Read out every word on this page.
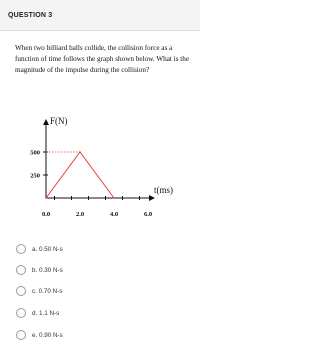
QUESTION 3
When two billiard balls collide, the collision force as a function of time follows the graph shown below. What is the magnitude of the impulse during the collision?
500
250
0.0	2.0	4.0	6.0
F(N)
t(ms)
a. 0.50 N-s
b. 0.30 N-s
c. 0.70 N-s
d. 1.1 N-s
e. 0.90 N-s
